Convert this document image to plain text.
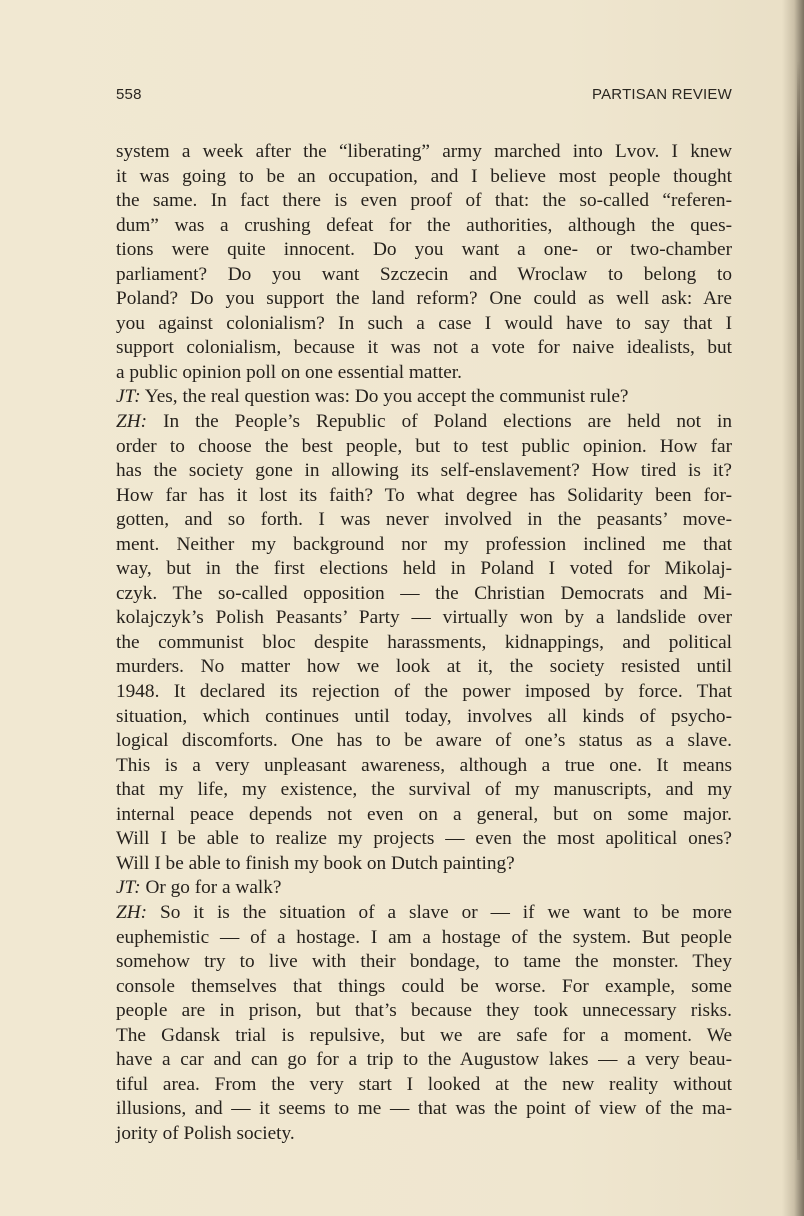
558	PARTISAN REVIEW
system a week after the “liberating” army marched into Lvov. I knew
it was going to be an occupation, and I believe most people thought
the same. In fact there is even proof of that: the so-called “referen-
dum” was a crushing defeat for the authorities, although the ques-
tions were quite innocent. Do you want a one- or two-chamber
parliament? Do you want Szczecin and Wroclaw to belong to
Poland? Do you support the land reform? One could as well ask: Are
you against colonialism? In such a case I would have to say that I
support colonialism, because it was not a vote for naive idealists, but
a public opinion poll on one essential matter.
JT: Yes, the real question was: Do you accept the communist rule?
ZH: In the People’s Republic of Poland elections are held not in
order to choose the best people, but to test public opinion. How far
has the society gone in allowing its self-enslavement? How tired is it?
How far has it lost its faith? To what degree has Solidarity been for-
gotten, and so forth. I was never involved in the peasants’ move-
ment. Neither my background nor my profession inclined me that
way, but in the first elections held in Poland I voted for Mikolaj-
czyk. The so-called opposition — the Christian Democrats and Mi-
kolajczyk’s Polish Peasants’ Party — virtually won by a landslide over
the communist bloc despite harassments, kidnappings, and political
murders. No matter how we look at it, the society resisted until
1948. It declared its rejection of the power imposed by force. That
situation, which continues until today, involves all kinds of psycho-
logical discomforts. One has to be aware of one’s status as a slave.
This is a very unpleasant awareness, although a true one. It means
that my life, my existence, the survival of my manuscripts, and my
internal peace depends not even on a general, but on some major.
Will I be able to realize my projects — even the most apolitical ones?
Will I be able to finish my book on Dutch painting?
JT: Or go for a walk?
ZH: So it is the situation of a slave or — if we want to be more
euphemistic — of a hostage. I am a hostage of the system. But people
somehow try to live with their bondage, to tame the monster. They
console themselves that things could be worse. For example, some
people are in prison, but that’s because they took unnecessary risks.
The Gdansk trial is repulsive, but we are safe for a moment. We
have a car and can go for a trip to the Augustow lakes — a very beau-
tiful area. From the very start I looked at the new reality without
illusions, and — it seems to me — that was the point of view of the ma-
jority of Polish society.
